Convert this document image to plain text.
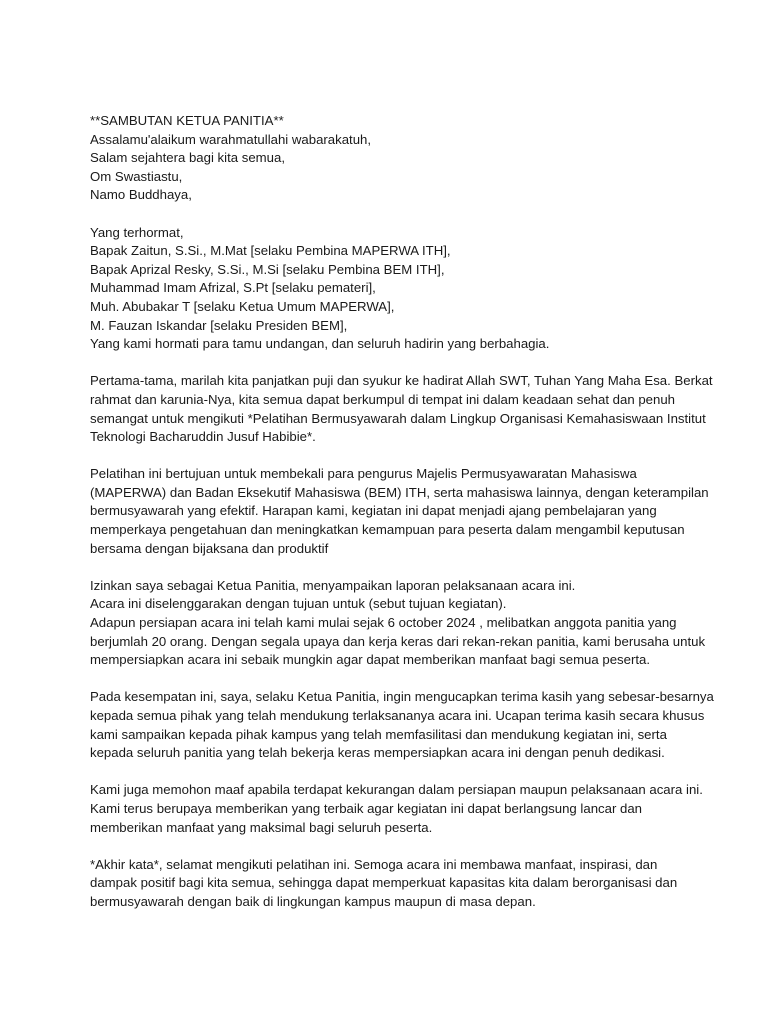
**SAMBUTAN KETUA PANITIA**
Assalamu'alaikum warahmatullahi wabarakatuh,
Salam sejahtera bagi kita semua,
Om Swastiastu,
Namo Buddhaya,
Yang terhormat,
Bapak Zaitun, S.Si., M.Mat [selaku Pembina MAPERWA ITH],
Bapak Aprizal Resky, S.Si., M.Si [selaku Pembina BEM ITH],
Muhammad Imam Afrizal, S.Pt [selaku pemateri],
Muh. Abubakar T [selaku Ketua Umum MAPERWA],
M. Fauzan Iskandar [selaku Presiden BEM],
Yang kami hormati para tamu undangan, dan seluruh hadirin yang berbahagia.
Pertama-tama, marilah kita panjatkan puji dan syukur ke hadirat Allah SWT, Tuhan Yang Maha Esa. Berkat
rahmat dan karunia-Nya, kita semua dapat berkumpul di tempat ini dalam keadaan sehat dan penuh
semangat untuk mengikuti *Pelatihan Bermusyawarah dalam Lingkup Organisasi Kemahasiswaan Institut
Teknologi Bacharuddin Jusuf Habibie*.
Pelatihan ini bertujuan untuk membekali para pengurus Majelis Permusyawaratan Mahasiswa
(MAPERWA) dan Badan Eksekutif Mahasiswa (BEM) ITH, serta mahasiswa lainnya, dengan keterampilan
bermusyawarah yang efektif. Harapan kami, kegiatan ini dapat menjadi ajang pembelajaran yang
memperkaya pengetahuan dan meningkatkan kemampuan para peserta dalam mengambil keputusan
bersama dengan bijaksana dan produktif
Izinkan saya sebagai Ketua Panitia, menyampaikan laporan pelaksanaan acara ini.
Acara ini diselenggarakan dengan tujuan untuk (sebut tujuan kegiatan).
Adapun persiapan acara ini telah kami mulai sejak 6 october 2024 , melibatkan anggota panitia yang
berjumlah 20 orang. Dengan segala upaya dan kerja keras dari rekan-rekan panitia, kami berusaha untuk
mempersiapkan acara ini sebaik mungkin agar dapat memberikan manfaat bagi semua peserta.
Pada kesempatan ini, saya, selaku Ketua Panitia, ingin mengucapkan terima kasih yang sebesar-besarnya
kepada semua pihak yang telah mendukung terlaksananya acara ini. Ucapan terima kasih secara khusus
kami sampaikan kepada pihak kampus yang telah memfasilitasi dan mendukung kegiatan ini, serta
kepada seluruh panitia yang telah bekerja keras mempersiapkan acara ini dengan penuh dedikasi.
Kami juga memohon maaf apabila terdapat kekurangan dalam persiapan maupun pelaksanaan acara ini.
Kami terus berupaya memberikan yang terbaik agar kegiatan ini dapat berlangsung lancar dan
memberikan manfaat yang maksimal bagi seluruh peserta.
*Akhir kata*, selamat mengikuti pelatihan ini. Semoga acara ini membawa manfaat, inspirasi, dan
dampak positif bagi kita semua, sehingga dapat memperkuat kapasitas kita dalam berorganisasi dan
bermusyawarah dengan baik di lingkungan kampus maupun di masa depan.
